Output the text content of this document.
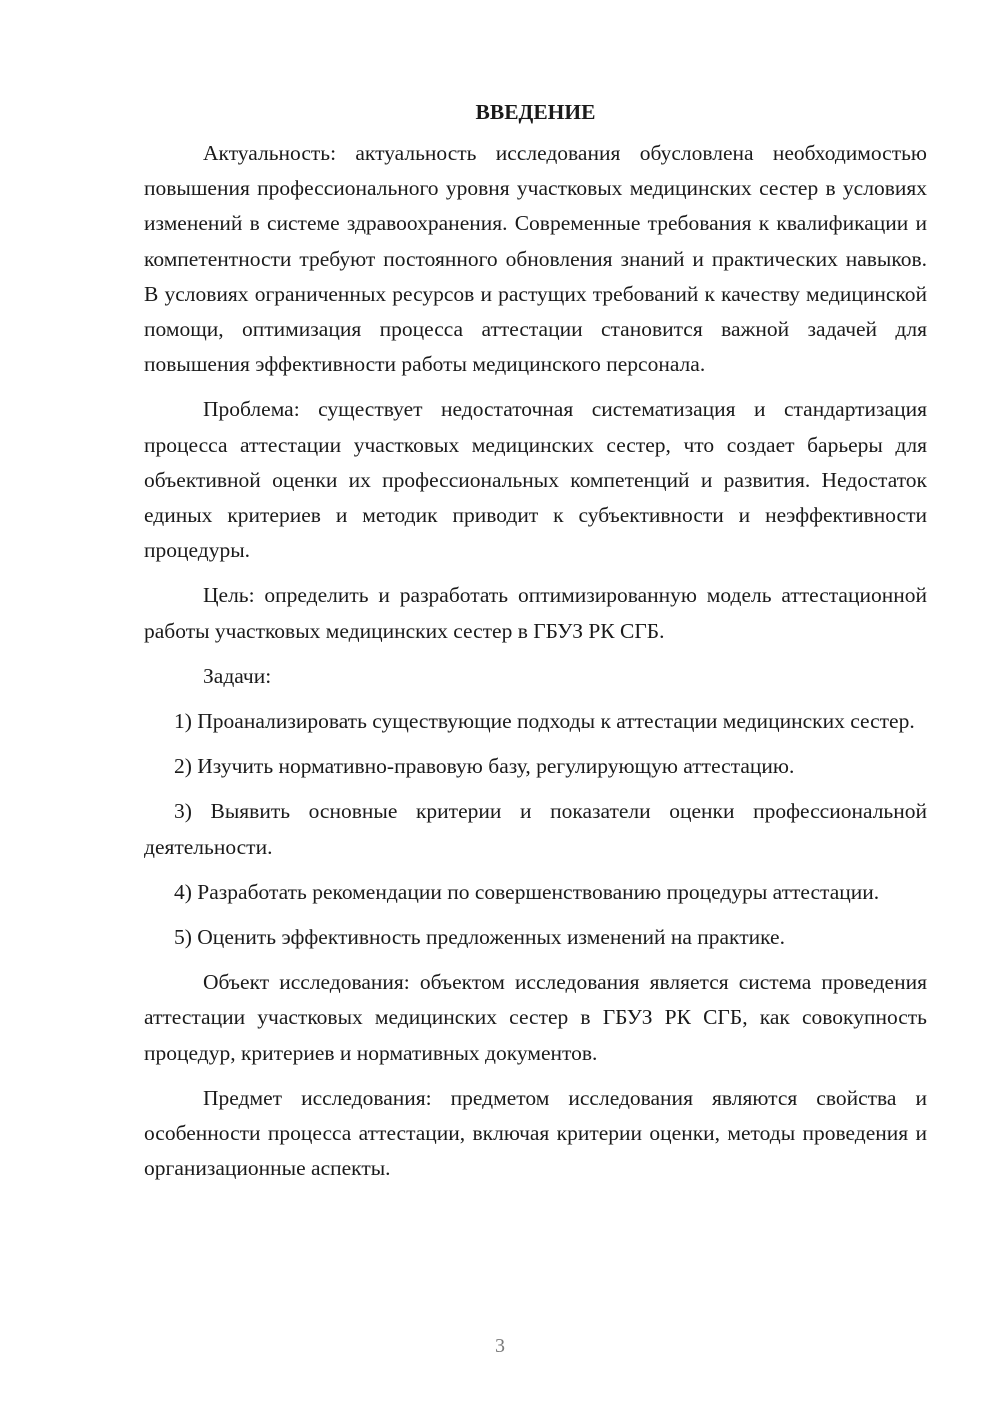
ВВЕДЕНИЕ

Актуальность: актуальность исследования обусловлена необходимостью повышения профессионального уровня участковых медицинских сестер в условиях изменений в системе здравоохранения. Современные требования к квалификации и компетентности требуют постоянного обновления знаний и практических навыков. В условиях ограниченных ресурсов и растущих требований к качеству медицинской помощи, оптимизация процесса аттестации становится важной задачей для повышения эффективности работы медицинского персонала.

Проблема: существует недостаточная систематизация и стандартизация процесса аттестации участковых медицинских сестер, что создает барьеры для объективной оценки их профессиональных компетенций и развития. Недостаток единых критериев и методик приводит к субъективности и неэффективности процедуры.

Цель: определить и разработать оптимизированную модель аттестационной работы участковых медицинских сестер в ГБУЗ РК СГБ.

Задачи:

1) Проанализировать существующие подходы к аттестации медицинских сестер.

2) Изучить нормативно-правовую базу, регулирующую аттестацию.

3) Выявить основные критерии и показатели оценки профессиональной деятельности.

4) Разработать рекомендации по совершенствованию процедуры аттестации.

5) Оценить эффективность предложенных изменений на практике.

Объект исследования: объектом исследования является система проведения аттестации участковых медицинских сестер в ГБУЗ РК СГБ, как совокупность процедур, критериев и нормативных документов.

Предмет исследования: предметом исследования являются свойства и особенности процесса аттестации, включая критерии оценки, методы проведения и организационные аспекты.

3
